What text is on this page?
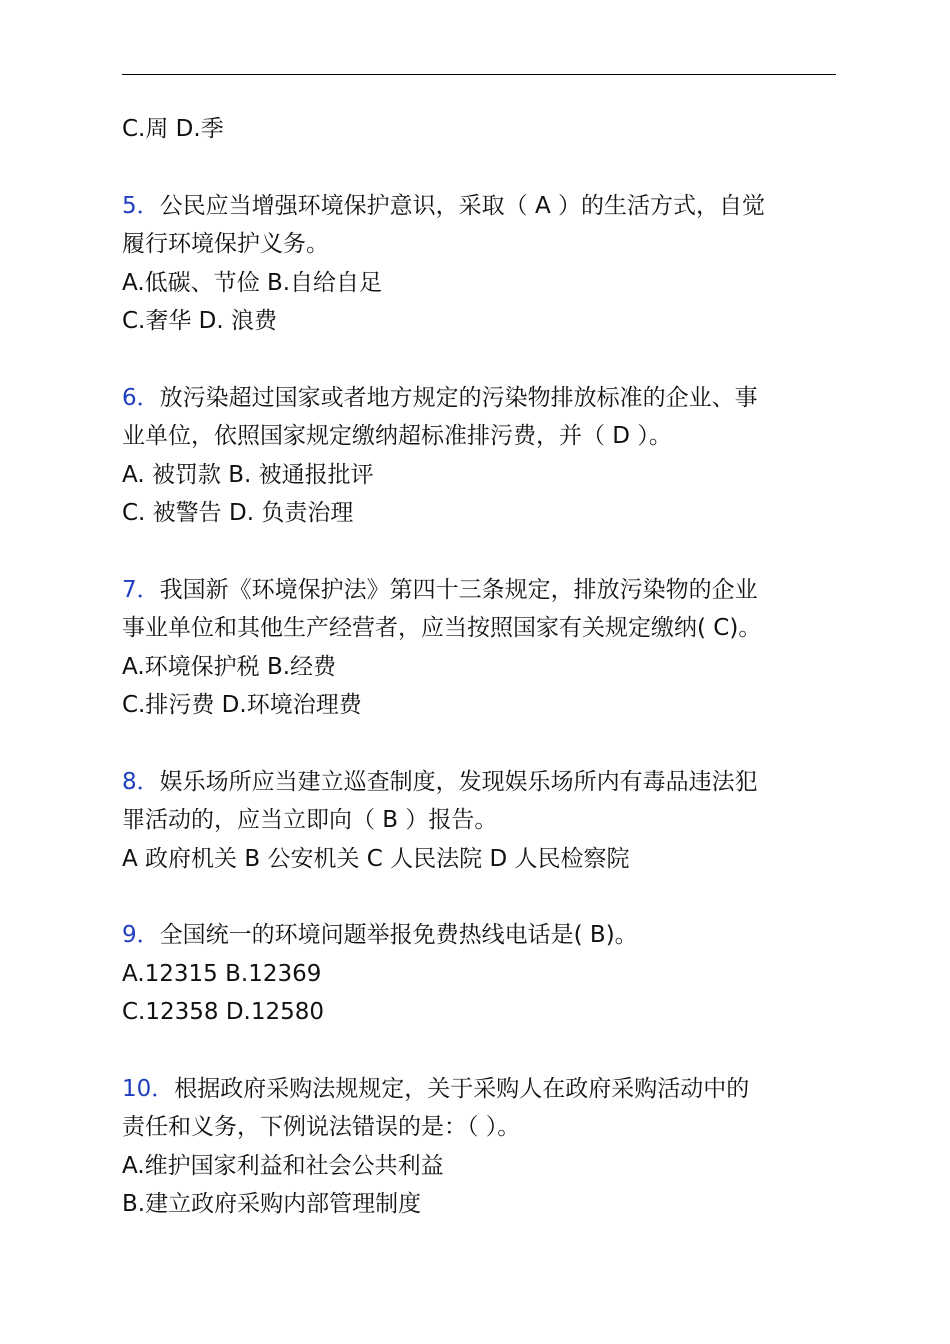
C.周 D.季
5．公民应当增强环境保护意识，采取（ A ）的生活方式，自觉
履行环境保护义务。
A.低碳、节俭 B.自给自足
C.奢华 D. 浪费
6．放污染超过国家或者地方规定的污染物排放标准的企业、事
业单位，依照国家规定缴纳超标准排污费，并（ D ）。
A. 被罚款 B. 被通报批评
C. 被警告 D. 负责治理
7．我国新《环境保护法》第四十三条规定，排放污染物的企业
事业单位和其他生产经营者，应当按照国家有关规定缴纳( C)。
A.环境保护税 B.经费
C.排污费 D.环境治理费
8．娱乐场所应当建立巡查制度，发现娱乐场所内有毒品违法犯
罪活动的，应当立即向（ B ）报告。
A 政府机关 B 公安机关 C 人民法院 D 人民检察院
9．全国统一的环境问题举报免费热线电话是( B)。
A.12315 B.12369
C.12358 D.12580
10．根据政府采购法规规定，关于采购人在政府采购活动中的
责任和义务，下例说法错误的是：（ ）。
A.维护国家利益和社会公共利益
B.建立政府采购内部管理制度
